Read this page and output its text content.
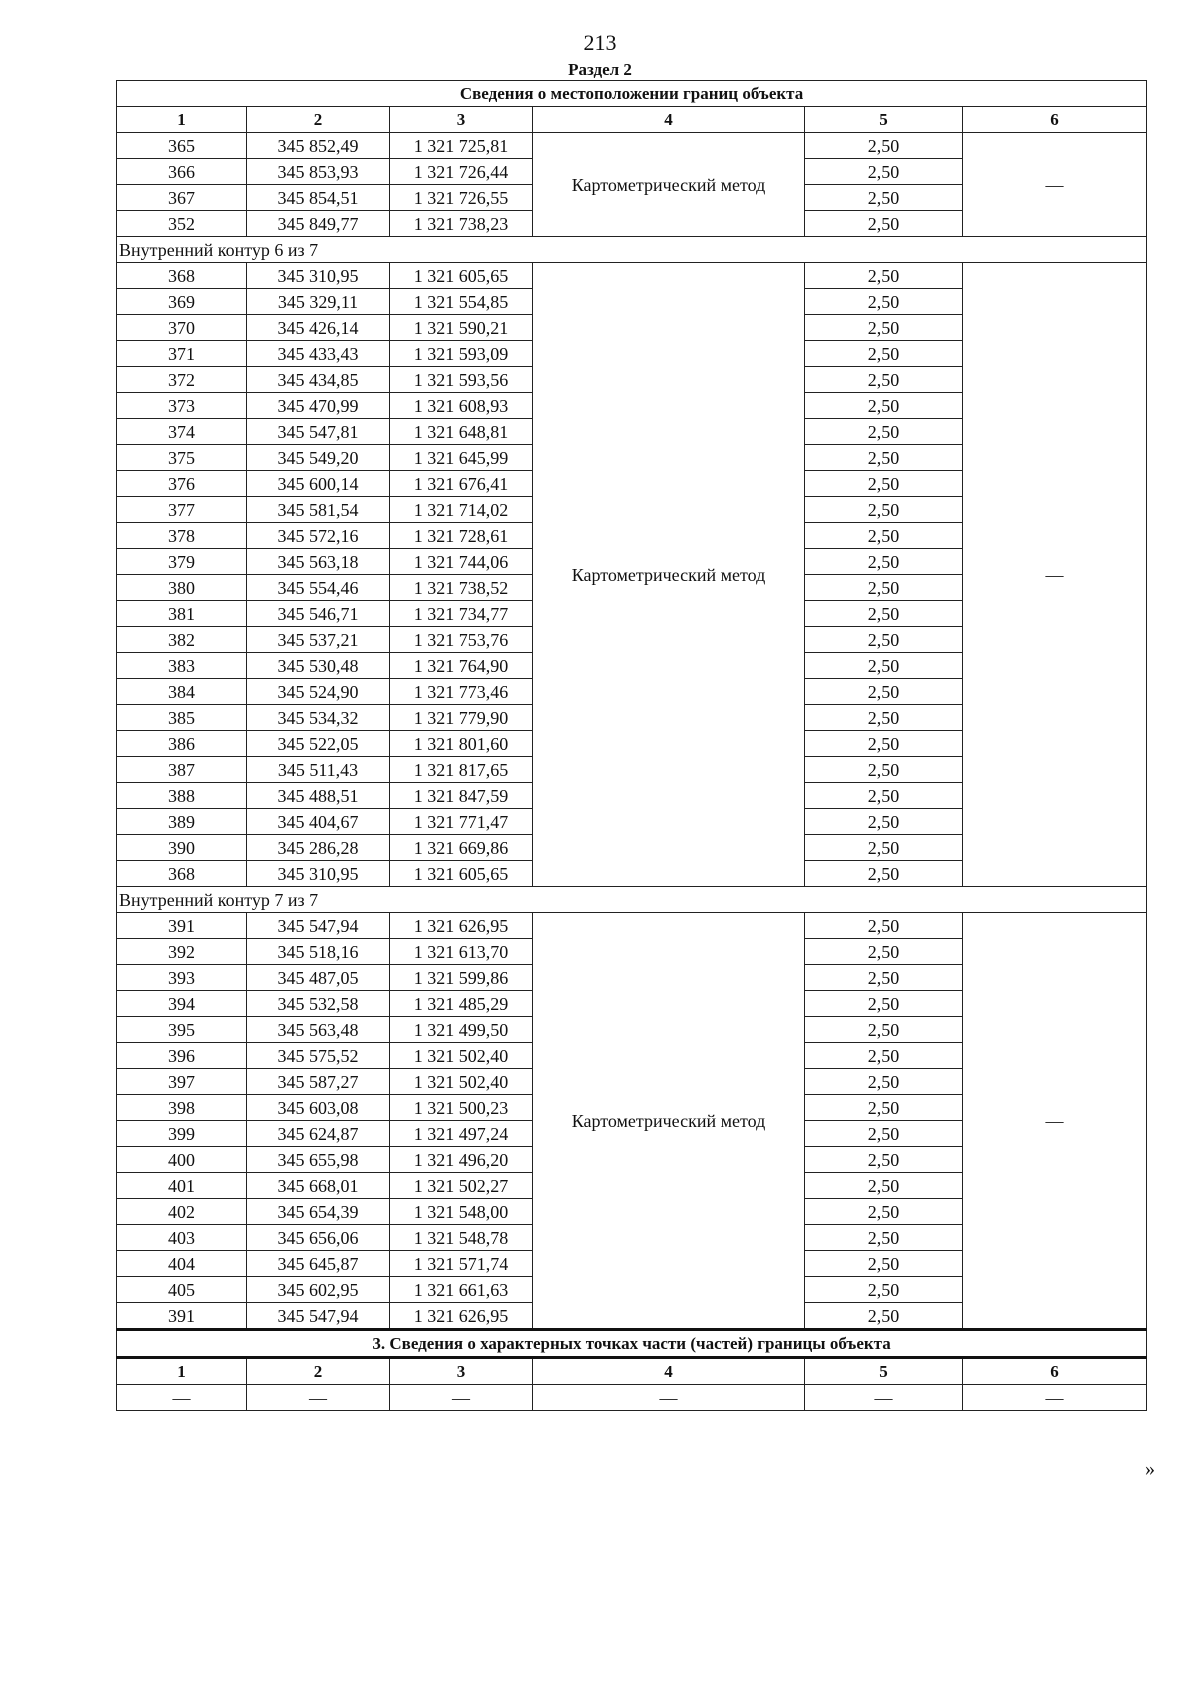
213
Раздел 2
Сведения о местоположении границ объекта					
1	2	3	4	5	6
365	345 852,49	1 321 725,81	Картометрический метод	2,50	—
366	345 853,93	1 321 726,44		2,50	
367	345 854,51	1 321 726,55		2,50	
352	345 849,77	1 321 738,23		2,50	
Внутренний контур 6 из 7					
368	345 310,95	1 321 605,65	Картометрический метод	2,50	—
369	345 329,11	1 321 554,85		2,50	
370	345 426,14	1 321 590,21		2,50	
371	345 433,43	1 321 593,09		2,50	
372	345 434,85	1 321 593,56		2,50	
373	345 470,99	1 321 608,93		2,50	
374	345 547,81	1 321 648,81		2,50	
375	345 549,20	1 321 645,99		2,50	
376	345 600,14	1 321 676,41		2,50	
377	345 581,54	1 321 714,02		2,50	
378	345 572,16	1 321 728,61		2,50	
379	345 563,18	1 321 744,06		2,50	
380	345 554,46	1 321 738,52		2,50	
381	345 546,71	1 321 734,77		2,50	
382	345 537,21	1 321 753,76		2,50	
383	345 530,48	1 321 764,90		2,50	
384	345 524,90	1 321 773,46		2,50	
385	345 534,32	1 321 779,90		2,50	
386	345 522,05	1 321 801,60		2,50	
387	345 511,43	1 321 817,65		2,50	
388	345 488,51	1 321 847,59		2,50	
389	345 404,67	1 321 771,47		2,50	
390	345 286,28	1 321 669,86		2,50	
368	345 310,95	1 321 605,65		2,50	
Внутренний контур 7 из 7					
391	345 547,94	1 321 626,95	Картометрический метод	2,50	—
392	345 518,16	1 321 613,70		2,50	
393	345 487,05	1 321 599,86		2,50	
394	345 532,58	1 321 485,29		2,50	
395	345 563,48	1 321 499,50		2,50	
396	345 575,52	1 321 502,40		2,50	
397	345 587,27	1 321 502,40		2,50	
398	345 603,08	1 321 500,23		2,50	
399	345 624,87	1 321 497,24		2,50	
400	345 655,98	1 321 496,20		2,50	
401	345 668,01	1 321 502,27		2,50	
402	345 654,39	1 321 548,00		2,50	
403	345 656,06	1 321 548,78		2,50	
404	345 645,87	1 321 571,74		2,50	
405	345 602,95	1 321 661,63		2,50	
391	345 547,94	1 321 626,95		2,50	
3. Сведения о характерных точках части (частей) границы объекта					
1	2	3	4	5	6
—	—	—	—	—	—
»
